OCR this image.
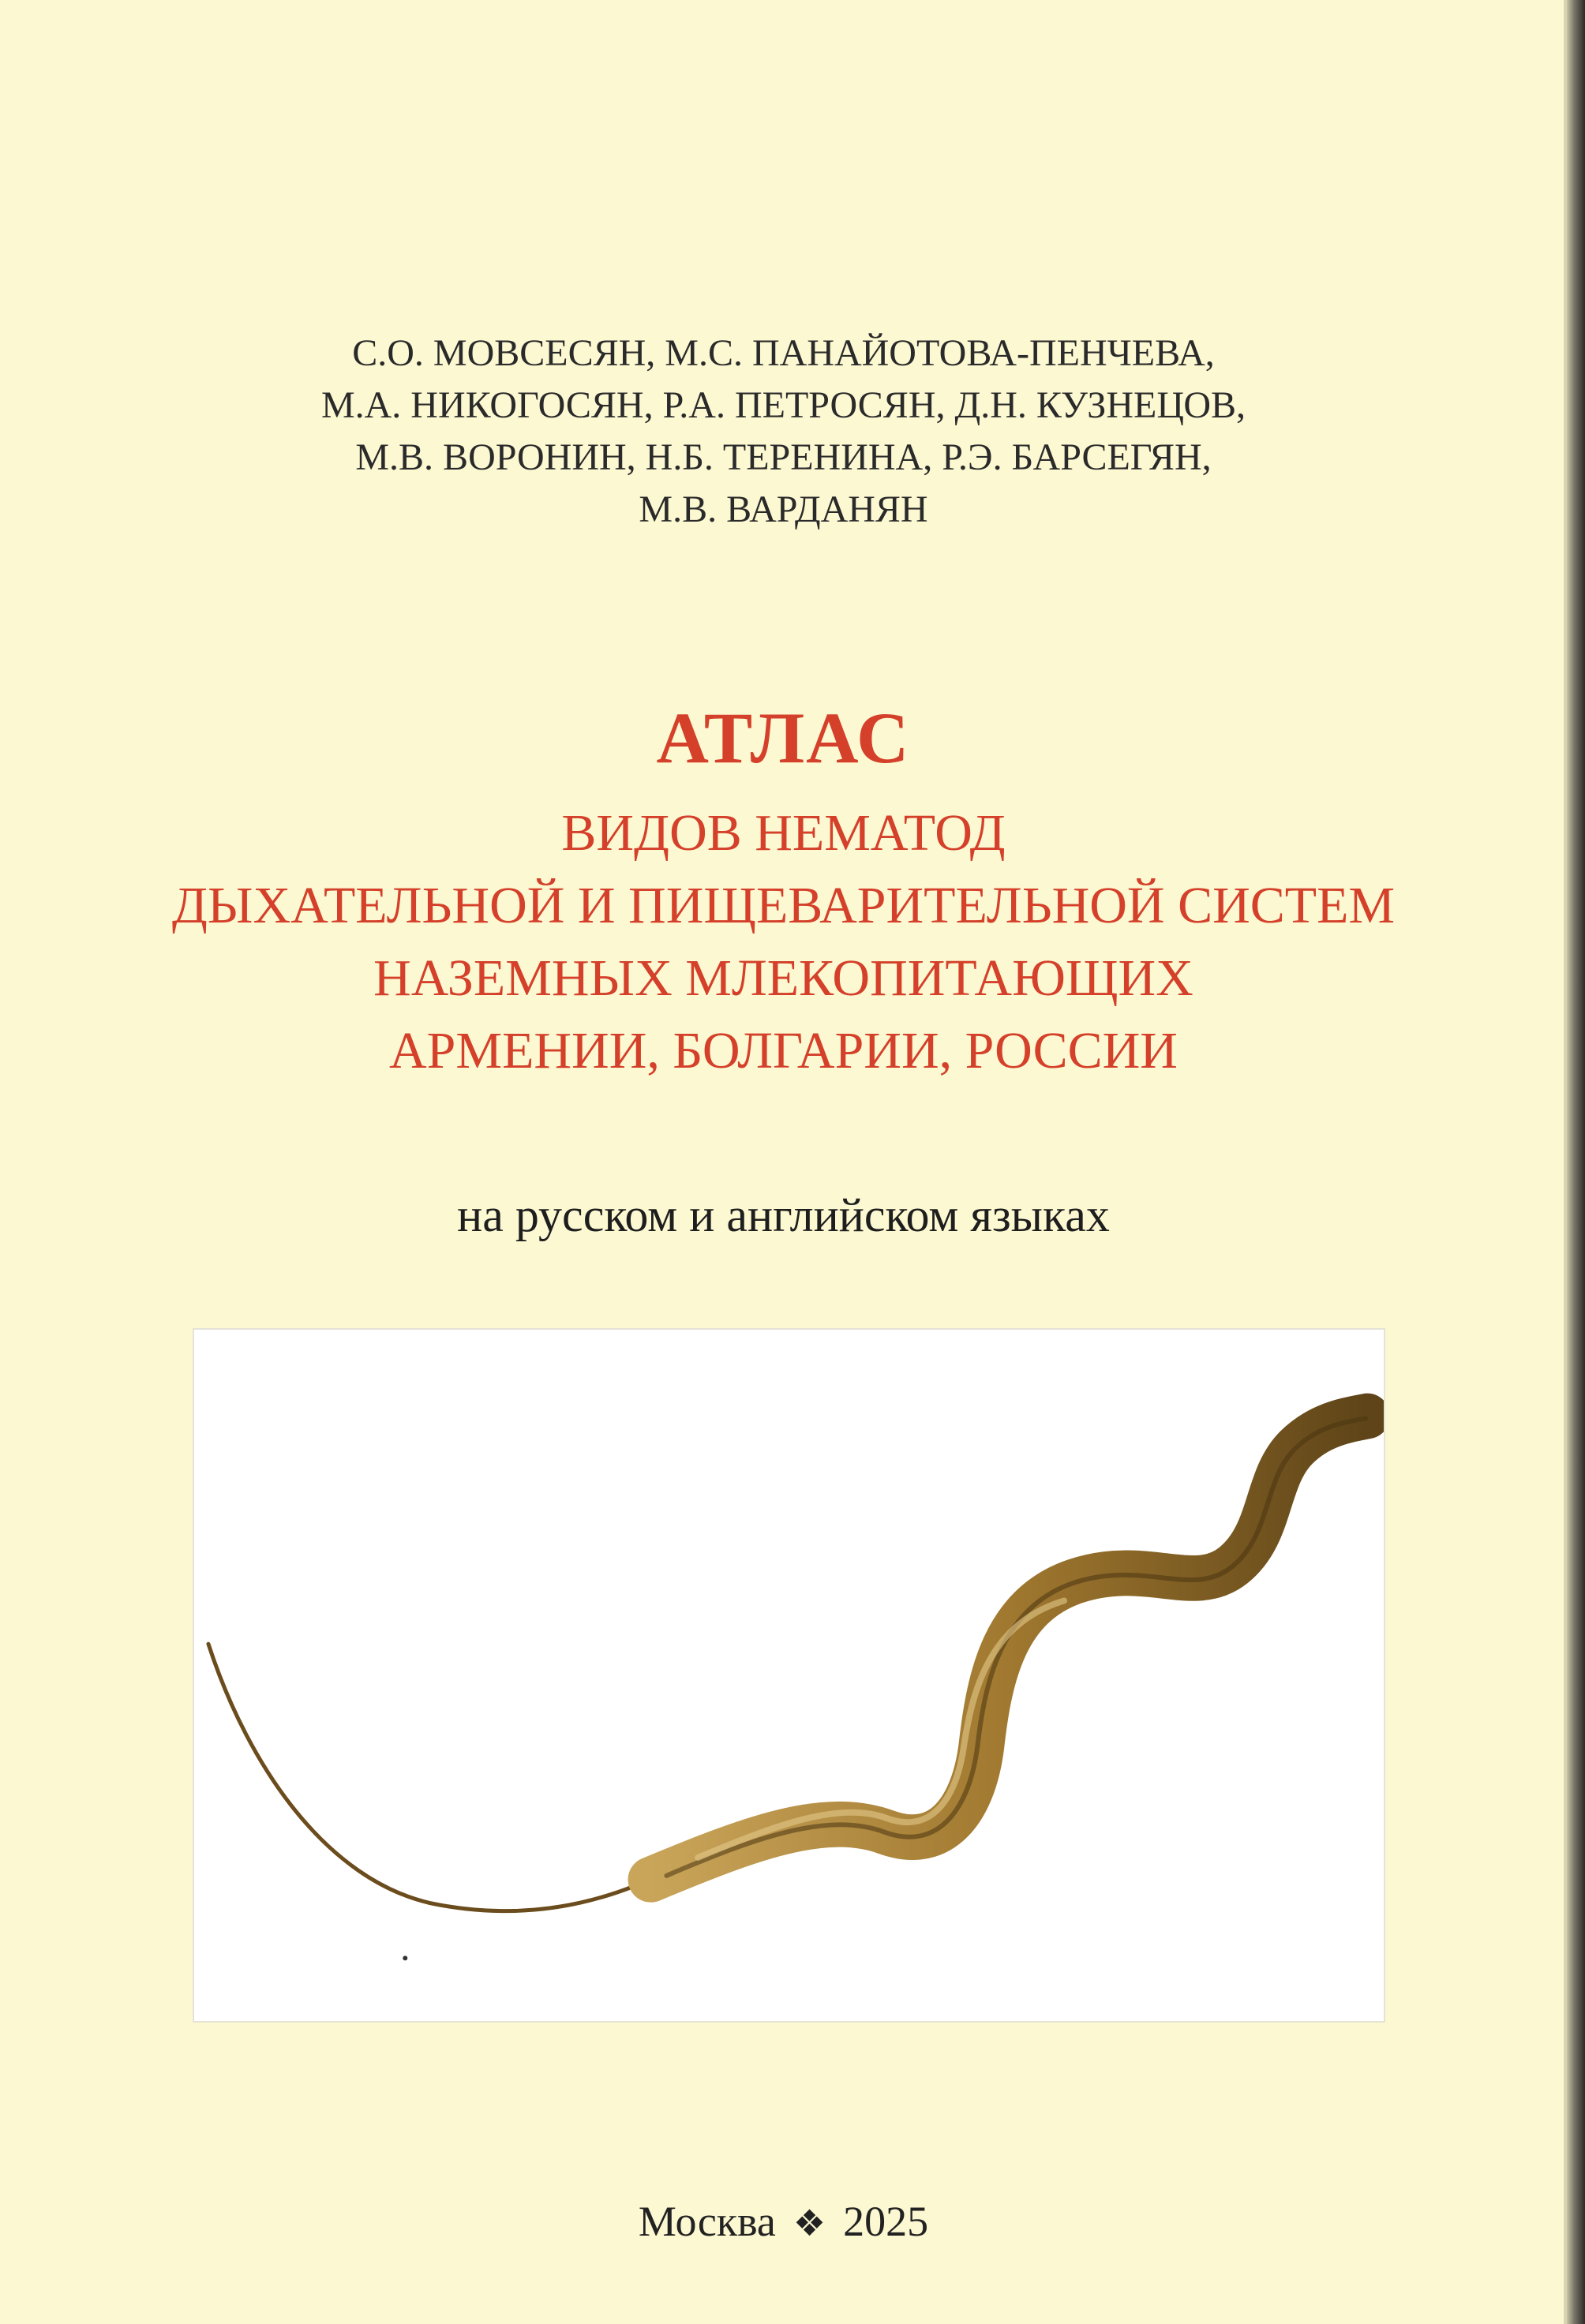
С.О. МОВСЕСЯН, М.С. ПАНАЙОТОВА-ПЕНЧЕВА,
М.А. НИКОГОСЯН, Р.А. ПЕТРОСЯН, Д.Н. КУЗНЕЦОВ,
М.В. ВОРОНИН, Н.Б. ТЕРЕНИНА, Р.Э. БАРСЕГЯН,
М.В. ВАРДАНЯН
АТЛАС
ВИДОВ НЕМАТОД
ДЫХАТЕЛЬНОЙ И ПИЩЕВАРИТЕЛЬНОЙ СИСТЕМ
НАЗЕМНЫХ МЛЕКОПИТАЮЩИХ
АРМЕНИИ, БОЛГАРИИ, РОССИИ
на русском и английском языках
Москва ❖ 2025
